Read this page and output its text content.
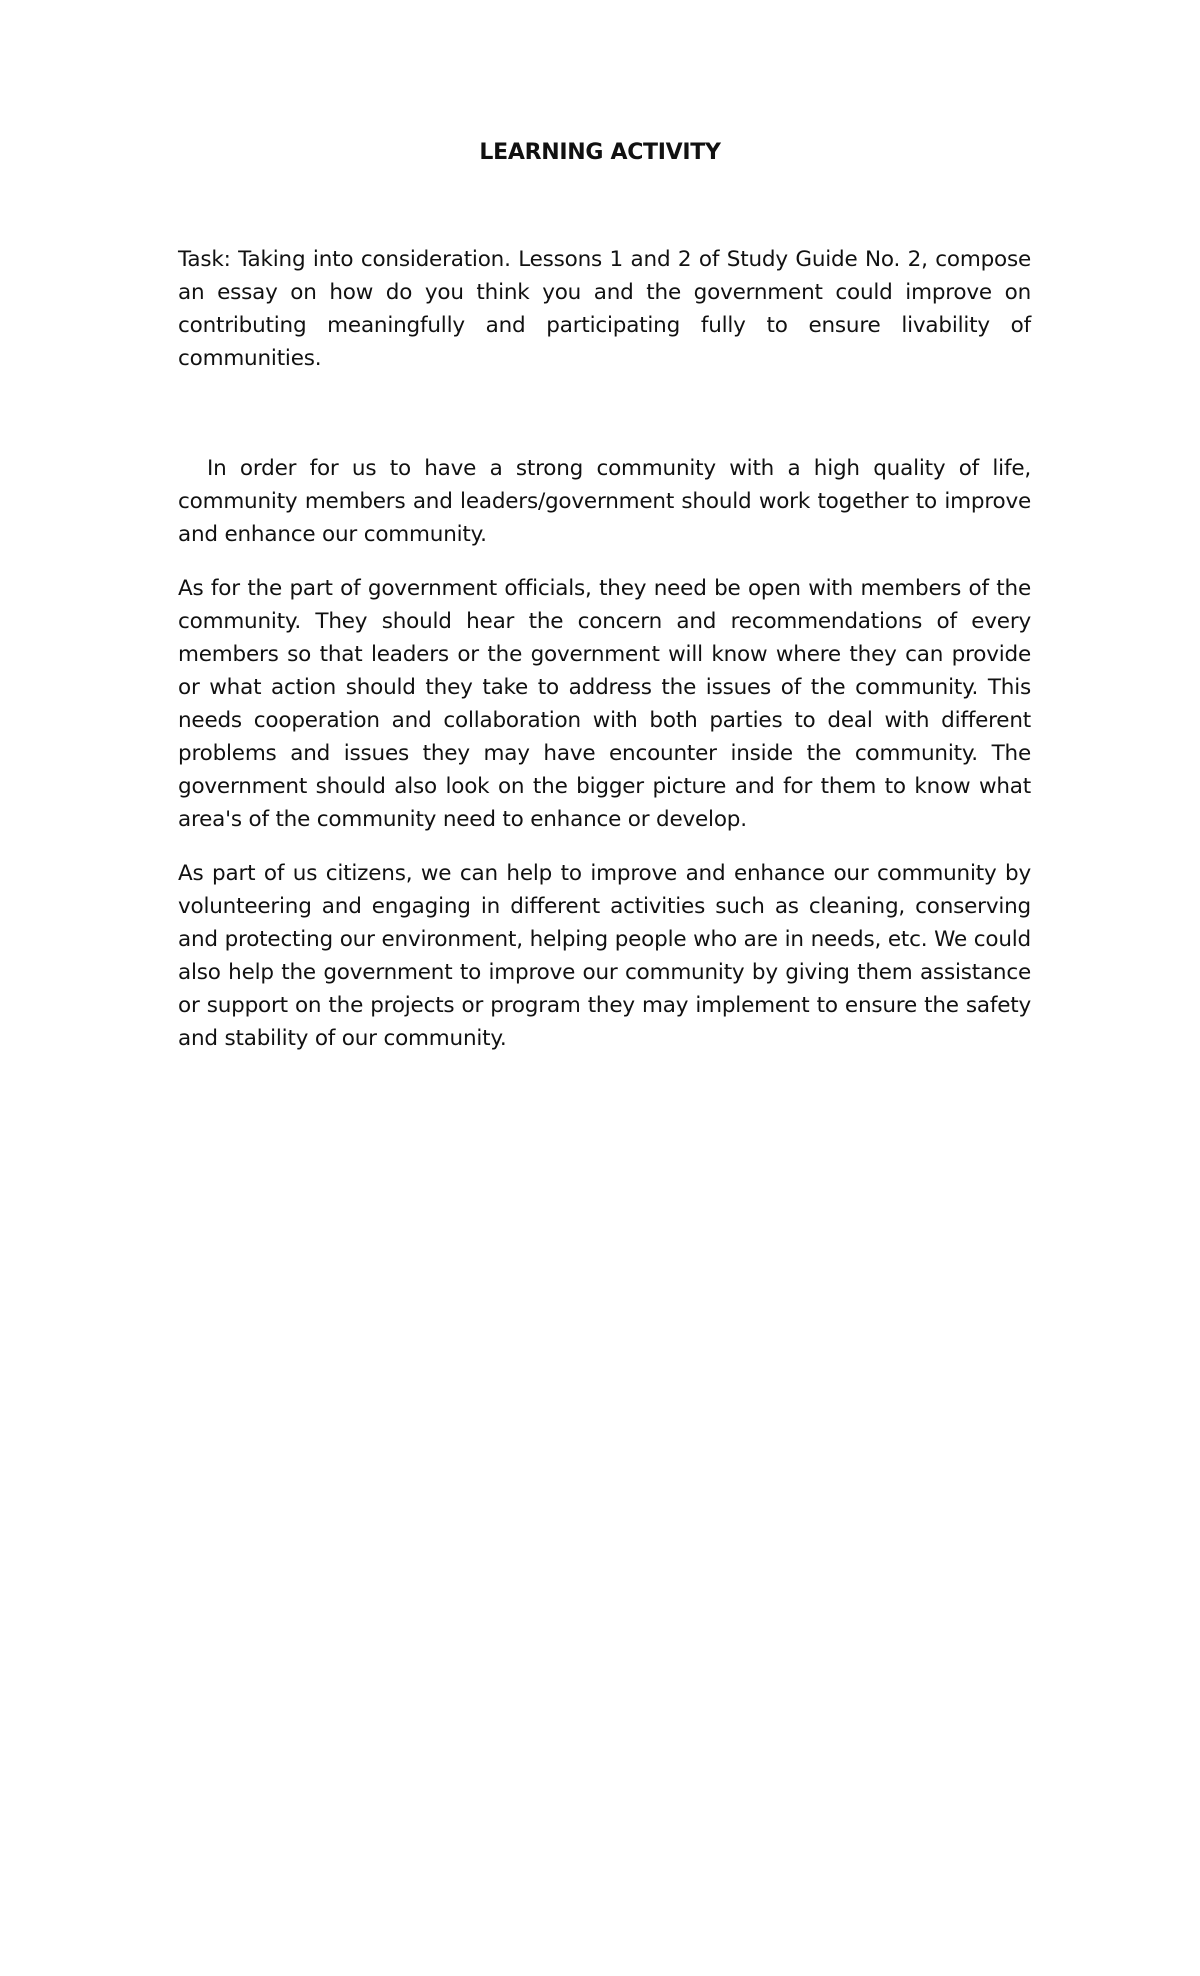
LEARNING ACTIVITY

Task: Taking into consideration. Lessons 1 and 2 of Study Guide No. 2, compose an essay on how do you think you and the government could improve on contributing meaningfully and participating fully to ensure livability of communities.

In order for us to have a strong community with a high quality of life, community members and leaders/government should work together to improve and enhance our community.

As for the part of government officials, they need be open with members of the community. They should hear the concern and recommendations of every members so that leaders or the government will know where they can provide or what action should they take to address the issues of the community. This needs cooperation and collaboration with both parties to deal with different problems and issues they may have encounter inside the community. The government should also look on the bigger picture and for them to know what area's of the community need to enhance or develop.

As part of us citizens, we can help to improve and enhance our community by volunteering and engaging in different activities such as cleaning, conserving and protecting our environment, helping people who are in needs, etc. We could also help the government to improve our community by giving them assistance or support on the projects or program they may implement to ensure the safety and stability of our community.
